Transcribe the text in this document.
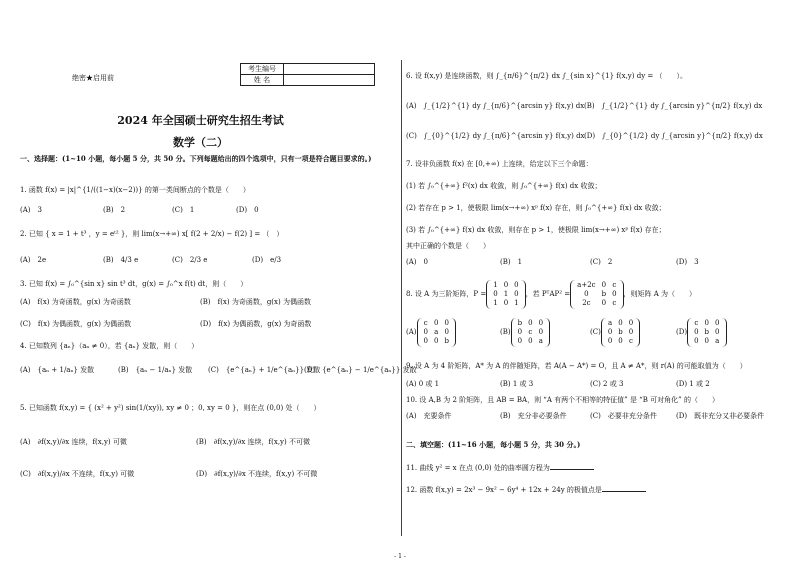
绝密★启用前
考生编号	
姓 名	
2024 年全国硕士研究生招生考试
数学（二）
一、选择题：(1~10 小题，每小题 5 分，共 50 分。下列每题给出的四个选项中，只有一项是符合题目要求的。)
1. 函数 f(x) = |x|^{1/((1−x)(x−2))} 的第一类间断点的个数是（　　）
(A)　3	(B)　2	(C)　1	(D)　0
2. 已知 { x = 1 + t³ ，y = eᵗ² }，则 lim(x→+∞) x[ f(2 + 2/x) − f(2) ] = （　）
(A)　2e	(B)　4/3 e	(C)　2/3 e	(D)　e/3
3. 已知 f(x) = ∫₀^{sin x} sin t³ dt，g(x) = ∫₀^x f(t) dt，则（　　）
(A)　f(x) 为奇函数，g(x) 为奇函数	(B)　f(x) 为奇函数，g(x) 为偶函数
(C)　f(x) 为偶函数，g(x) 为偶函数	(D)　f(x) 为偶函数，g(x) 为奇函数
4. 已知数列 {aₙ}（aₙ ≠ 0），若 {aₙ} 发散，则（　　）
(A)　{aₙ + 1/aₙ} 发散	(B)　{aₙ − 1/aₙ} 发散 (C)　{e^{aₙ} + 1/e^{aₙ}} 发散
(D)　{e^{aₙ} − 1/e^{aₙ}} 发散
5. 已知函数 f(x,y) = { (x² + y²) sin(1/(xy)), xy ≠ 0 ；0, xy = 0 }，则在点 (0,0) 处（　　）
(A)　∂f(x,y)/∂x 连续，f(x,y) 可微	(B)　∂f(x,y)/∂x 连续，f(x,y) 不可微
(C)　∂f(x,y)/∂x 不连续，f(x,y) 可微	(D)　∂f(x,y)/∂x 不连续，f(x,y) 不可微
6. 设 f(x,y) 是连续函数，则 ∫_{π/6}^{π/2} dx ∫_{sin x}^{1} f(x,y) dy = （　　）。
(A)　∫_{1/2}^{1} dy ∫_{π/6}^{arcsin y} f(x,y) dx (B)　∫_{1/2}^{1} dy ∫_{arcsin y}^{π/2} f(x,y) dx
(C)　∫_{0}^{1/2} dy ∫_{π/6}^{arcsin y} f(x,y) dx (D)　∫_{0}^{1/2} dy ∫_{arcsin y}^{π/2} f(x,y) dx
7. 设非负函数 f(x) 在 [0,+∞) 上连续，给定以下三个命题：
(1) 若 ∫₀^{+∞} f²(x) dx 收敛，则 ∫₀^{+∞} f(x) dx 收敛；
(2) 若存在 p > 1，使极限 lim(x→+∞) xᵖ f(x) 存在，则 ∫₀^{+∞} f(x) dx 收敛；
(3) 若 ∫₀^{+∞} f(x) dx 收敛，则存在 p > 1，使极限 lim(x→+∞) xᵖ f(x) 存在；
其中正确的个数是（　　）
(A)　0	(B)　1	(C)　2	(D)　3
8. 设 A 为三阶矩阵，P =
1	0	0
0	1	0
1	0	1
，若 PᵀAP² =
a+2c	0	c
0	b	0
2c	0	c
，则矩阵 A 为（　　）
(A)
c	0	0
0	a	0
0	0	b
(B)
b	0	0
0	c	0
0	0	a
(C)
a	0	0
0	b	0
0	0	c
(D)
c	0	0
0	b	0
0	0	a
9. 设 A 为 4 阶矩阵，A* 为 A 的伴随矩阵，若 A(A − A*) = O，且 A ≠ A*，则 r(A) 的可能取值为（　　）
(A) 0 或 1	(B) 1 或 3	(C) 2 或 3	(D) 1 或 2
10. 设 A,B 为 2 阶矩阵，且 AB = BA，则 “A 有两个不相等的特征值” 是 “B 可对角化” 的（　　）
(A)　充要条件	(B)　充分非必要条件	(C)　必要非充分条件	(D)　既非充分又非必要条件
二、填空题：(11~16 小题，每小题 5 分，共 30 分。)
11. 曲线 y² = x 在点 (0,0) 处的曲率圆方程为
12. 函数 f(x,y) = 2x³ − 9x² − 6y⁴ + 12x + 24y 的极值点是
- 1 -
